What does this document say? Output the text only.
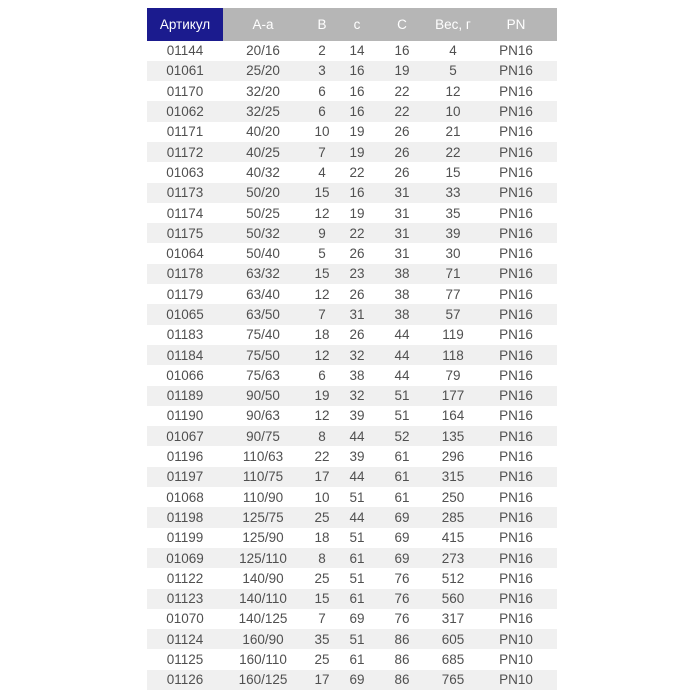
Артикул	A-a	B	c	C	Вес, г	PN
01144	20/16	2	14	16	4	PN16
01061	25/20	3	16	19	5	PN16
01170	32/20	6	16	22	12	PN16
01062	32/25	6	16	22	10	PN16
01171	40/20	10	19	26	21	PN16
01172	40/25	7	19	26	22	PN16
01063	40/32	4	22	26	15	PN16
01173	50/20	15	16	31	33	PN16
01174	50/25	12	19	31	35	PN16
01175	50/32	9	22	31	39	PN16
01064	50/40	5	26	31	30	PN16
01178	63/32	15	23	38	71	PN16
01179	63/40	12	26	38	77	PN16
01065	63/50	7	31	38	57	PN16
01183	75/40	18	26	44	119	PN16
01184	75/50	12	32	44	118	PN16
01066	75/63	6	38	44	79	PN16
01189	90/50	19	32	51	177	PN16
01190	90/63	12	39	51	164	PN16
01067	90/75	8	44	52	135	PN16
01196	110/63	22	39	61	296	PN16
01197	110/75	17	44	61	315	PN16
01068	110/90	10	51	61	250	PN16
01198	125/75	25	44	69	285	PN16
01199	125/90	18	51	69	415	PN16
01069	125/110	8	61	69	273	PN16
01122	140/90	25	51	76	512	PN16
01123	140/110	15	61	76	560	PN16
01070	140/125	7	69	76	317	PN16
01124	160/90	35	51	86	605	PN10
01125	160/110	25	61	86	685	PN10
01126	160/125	17	69	86	765	PN10
